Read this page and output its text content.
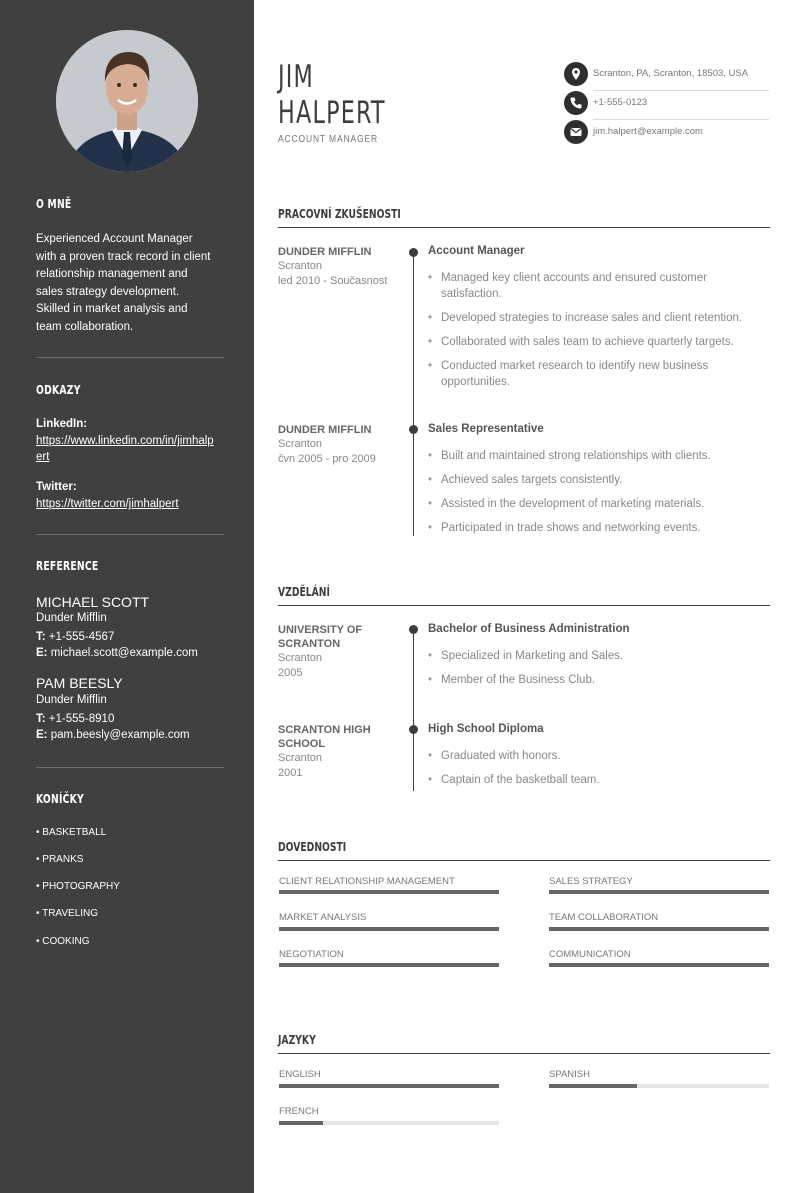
O MNĚ
Experienced Account Manager with a proven track record in client relationship management and sales strategy development. Skilled in market analysis and team collaboration.
ODKAZY
LinkedIn:
https://www.linkedin.com/in/jimhalpert
Twitter:
https://twitter.com/jimhalpert
REFERENCE
MICHAEL SCOTT
Dunder Mifflin
T: +1-555-4567
E: michael.scott@example.com
PAM BEESLY
Dunder Mifflin
T: +1-555-8910
E: pam.beesly@example.com
KONÍČKY
• BASKETBALL
• PRANKS
• PHOTOGRAPHY
• TRAVELING
• COOKING
JIM
HALPERT
ACCOUNT MANAGER
Scranton, PA, Scranton, 18503, USA
+1-555-0123
jim.halpert@example.com
PRACOVNÍ ZKUŠENOSTI
DUNDER MIFFLIN
Scranton
led 2010 - Současnost
Account Manager
• Managed key client accounts and ensured customer satisfaction.
• Developed strategies to increase sales and client retention.
• Collaborated with sales team to achieve quarterly targets.
• Conducted market research to identify new business opportunities.
DUNDER MIFFLIN
Scranton
čvn 2005 - pro 2009
Sales Representative
• Built and maintained strong relationships with clients.
• Achieved sales targets consistently.
• Assisted in the development of marketing materials.
• Participated in trade shows and networking events.
VZDĚLÁNÍ
UNIVERSITY OF SCRANTON
Scranton
2005
Bachelor of Business Administration
• Specialized in Marketing and Sales.
• Member of the Business Club.
SCRANTON HIGH SCHOOL
Scranton
2001
High School Diploma
• Graduated with honors.
• Captain of the basketball team.
DOVEDNOSTI
CLIENT RELATIONSHIP MANAGEMENT	SALES STRATEGY
MARKET ANALYSIS	TEAM COLLABORATION
NEGOTIATION	COMMUNICATION
JAZYKY
ENGLISH	SPANISH
FRENCH
